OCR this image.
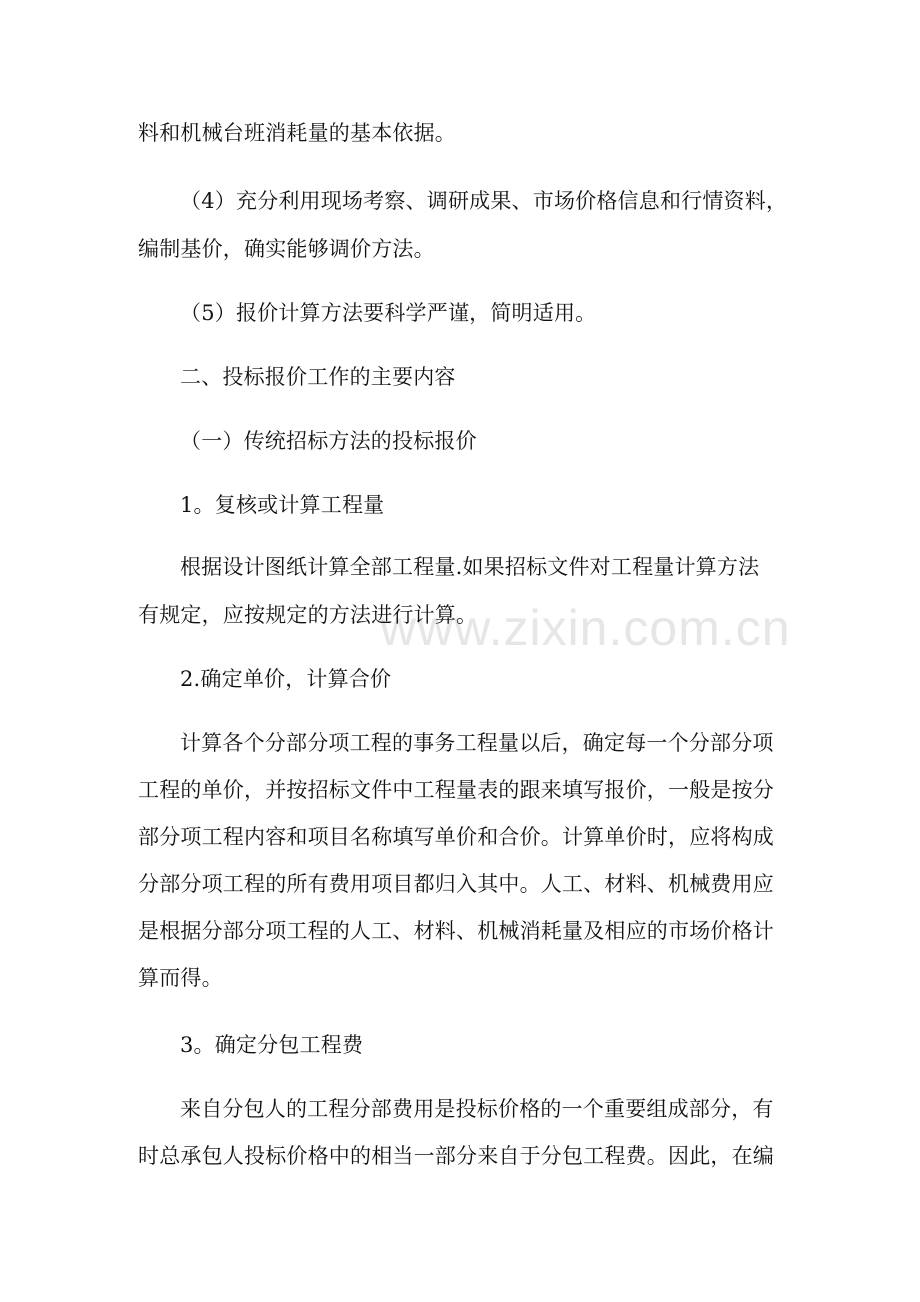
www.zixin.com.cn
料和机械台班消耗量的基本依据。
（4）充分利用现场考察、调研成果、市场价格信息和行情资料，
编制基价，确实能够调价方法。
（5）报价计算方法要科学严谨，简明适用。
二、投标报价工作的主要内容
（一）传统招标方法的投标报价
1。复核或计算工程量
根据设计图纸计算全部工程量.如果招标文件对工程量计算方法
有规定，应按规定的方法进行计算。
2.确定单价，计算合价
计算各个分部分项工程的事务工程量以后，确定每一个分部分项
工程的单价，并按招标文件中工程量表的跟来填写报价，一般是按分
部分项工程内容和项目名称填写单价和合价。计算单价时，应将构成
分部分项工程的所有费用项目都归入其中。人工、材料、机械费用应
是根据分部分项工程的人工、材料、机械消耗量及相应的市场价格计
算而得。
3。确定分包工程费
来自分包人的工程分部费用是投标价格的一个重要组成部分，有
时总承包人投标价格中的相当一部分来自于分包工程费。因此，在编
